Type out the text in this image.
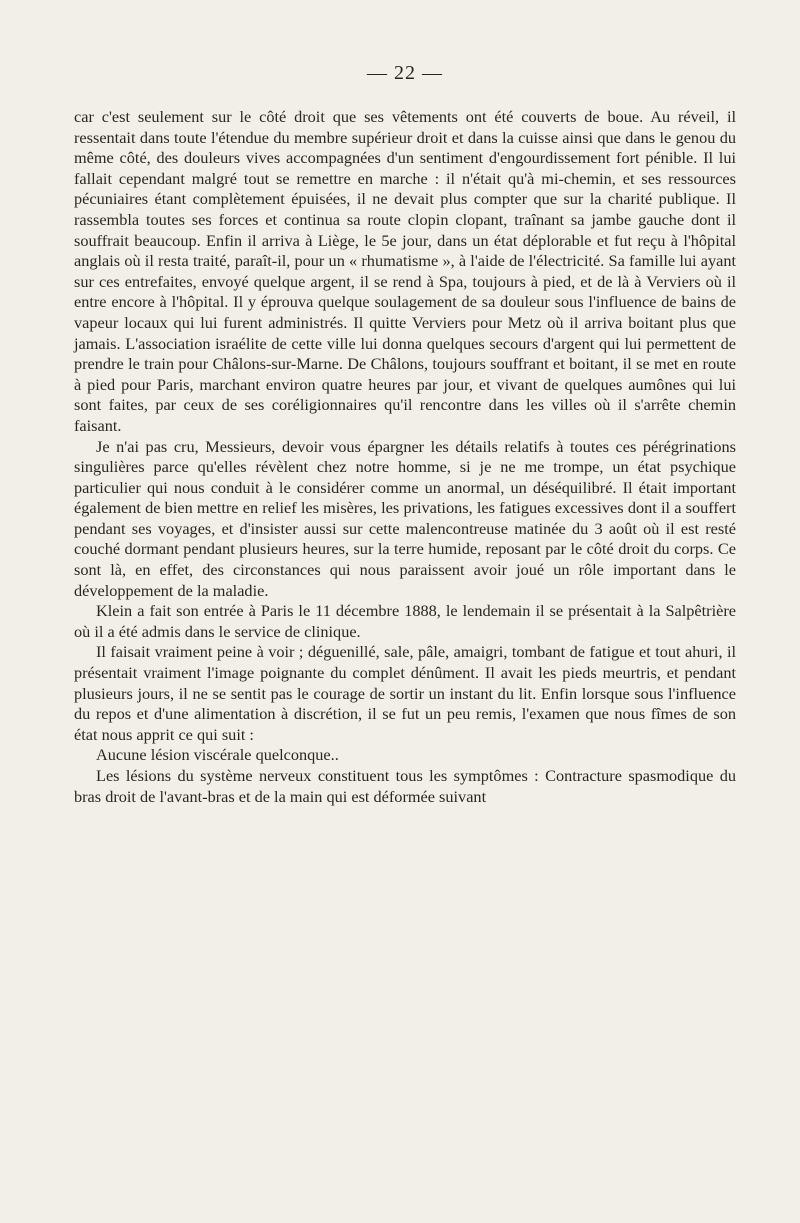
— 22 —

car c'est seulement sur le côté droit que ses vêtements ont été couverts de boue. Au réveil, il ressentait dans toute l'étendue du membre supérieur droit et dans la cuisse ainsi que dans le genou du même côté, des douleurs vives accompagnées d'un sentiment d'engourdissement fort pénible. Il lui fallait cependant malgré tout se remettre en marche : il n'était qu'à mi-chemin, et ses ressources pécuniaires étant complètement épuisées, il ne devait plus compter que sur la charité publique. Il rassembla toutes ses forces et continua sa route clopin clopant, traînant sa jambe gauche dont il souffrait beaucoup. Enfin il arriva à Liège, le 5e jour, dans un état déplorable et fut reçu à l'hôpital anglais où il resta traité, paraît-il, pour un « rhumatisme », à l'aide de l'électricité. Sa famille lui ayant sur ces entrefaites, envoyé quelque argent, il se rend à Spa, toujours à pied, et de là à Verviers où il entre encore à l'hôpital. Il y éprouva quelque soulagement de sa douleur sous l'influence de bains de vapeur locaux qui lui furent administrés. Il quitte Verviers pour Metz où il arriva boitant plus que jamais. L'association israélite de cette ville lui donna quelques secours d'argent qui lui permettent de prendre le train pour Châlons-sur-Marne. De Châlons, toujours souffrant et boitant, il se met en route à pied pour Paris, marchant environ quatre heures par jour, et vivant de quelques aumônes qui lui sont faites, par ceux de ses coréligionnaires qu'il rencontre dans les villes où il s'arrête chemin faisant.

Je n'ai pas cru, Messieurs, devoir vous épargner les détails relatifs à toutes ces pérégrinations singulières parce qu'elles révèlent chez notre homme, si je ne me trompe, un état psychique particulier qui nous conduit à le considérer comme un anormal, un déséquilibré. Il était important également de bien mettre en relief les misères, les privations, les fatigues excessives dont il a souffert pendant ses voyages, et d'insister aussi sur cette malencontreuse matinée du 3 août où il est resté couché dormant pendant plusieurs heures, sur la terre humide, reposant par le côté droit du corps. Ce sont là, en effet, des circonstances qui nous paraissent avoir joué un rôle important dans le développement de la maladie.

Klein a fait son entrée à Paris le 11 décembre 1888, le lendemain il se présentait à la Salpêtrière où il a été admis dans le service de clinique.

Il faisait vraiment peine à voir ; déguenillé, sale, pâle, amaigri, tombant de fatigue et tout ahuri, il présentait vraiment l'image poignante du complet dénûment. Il avait les pieds meurtris, et pendant plusieurs jours, il ne se sentit pas le courage de sortir un instant du lit. Enfin lorsque sous l'influence du repos et d'une alimentation à discrétion, il se fut un peu remis, l'examen que nous fîmes de son état nous apprit ce qui suit :

Aucune lésion viscérale quelconque..

Les lésions du système nerveux constituent tous les symptômes : Contracture spasmodique du bras droit de l'avant-bras et de la main qui est déformée suivant
